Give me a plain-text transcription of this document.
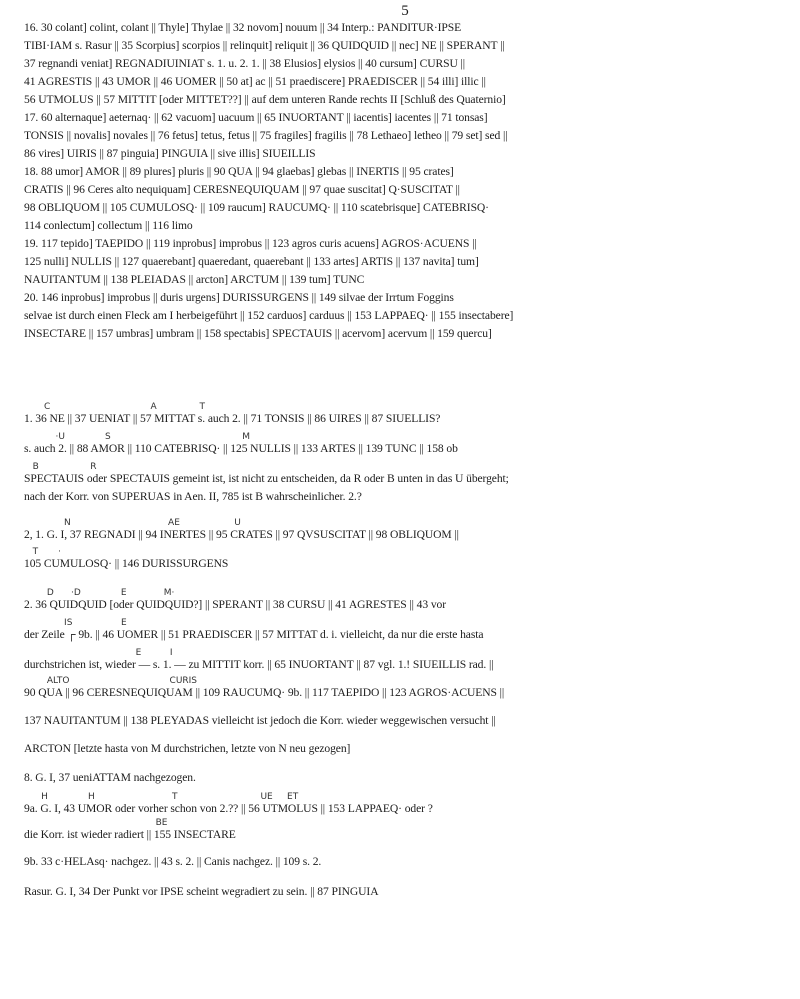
5
16. 30 colant] colint, colant || Thyle] Thylae || 32 novom] nouum || 34 Interp.: PANDITUR·IPSE
TIBI·IAM s. Rasur || 35 Scorpius] scorpios || relinquit] reliquit || 36 QUIDQUID || nec] NE || SPERANT ||
37 regnandi veniat] REGNADIUINIAT s. 1. u. 2. 1. || 38 Elusios] elysios || 40 cursum] CURSU ||
41 AGRESTIS || 43 UMOR || 46 UOMER || 50 at] ac || 51 praediscere] PRAEDISCER || 54 illi] illic ||
56 UTMOLUS || 57 MITTIT [oder MITTET??] || auf dem unteren Rande rechts II [Schluß des Quaternio]
17. 60 alternaque] aeternaq· || 62 vacuom] uacuum || 65 INUORTANT || iacentis] iacentes || 71 tonsas]
TONSIS || novalis] novales || 76 fetus] tetus, fetus || 75 fragiles] fragilis || 78 Lethaeo] letheo || 79 set] sed ||
86 vires] UIRIS || 87 pinguia] PINGUIA || sive illis] SIUEILLIS
18. 88 umor] AMOR || 89 plures] pluris || 90 QUA || 94 glaebas] glebas || INERTIS || 95 crates]
CRATIS || 96 Ceres alto nequiquam] CERESNEQUIQUAM || 97 quae suscitat] Q·SUSCITAT ||
98 OBLIQUOM || 105 CUMULOSQ· || 109 raucum] RAUCUMQ· || 110 scatebrisque] CATEBRISQ·
114 conlectum] collectum || 116 limo
19. 117 tepido] TAEPIDO || 119 inprobus] improbus || 123 agros curis acuens] AGROS·ACUENS ||
125 nulli] NULLIS || 127 quaerebant] quaeredant, quaerebant || 133 artes] ARTIS || 137 navita] tum]
NAUITANTUM || 138 PLEIADAS || arcton] ARCTUM || 139 tum] TUNC
20. 146 inprobus] improbus || duris urgens] DURISSURGENS || 149 silvae der Irrtum Foggins
selvae ist durch einen Fleck am I herbeigeführt || 152 carduos] carduus || 153 LAPPAEQ· || 155 insectabere]
INSECTARE || 157 umbras] umbram || 158 spectabis] SPECTAUIS || acervom] acervum || 159 quercu]
C                                   A               T
1. 36 NE || 37 UENIAT || 57 MITTAT s. auch 2. || 71 TONSIS || 86 UIRES || 87 SIUELLIS?
·U              S                                              M
s. auch 2. || 88 AMOR || 110 CATEBRISQ· || 125 NULLIS || 133 ARTES || 139 TUNC || 158 ob
B                  R
SPECTAUIS oder SPECTAUIS gemeint ist, ist nicht zu entscheiden, da R oder B unten in das U übergeht;
nach der Korr. von SUPERUAS in Aen. II, 785 ist B wahrscheinlicher. 2.?
N                                  AE                   U
2, 1. G. I, 37 REGNADI || 94 INERTES || 95 CRATES || 97 QVSUSCITAT || 98 OBLIQUOM ||
T       ·
105 CUMULOSQ· || 146 DURISSURGENS
D      ·D              E             M·
2. 36 QUIDQUID [oder QUIDQUID?] || SPERANT || 38 CURSU || 41 AGRESTES || 43 vor
IS                 E
der Zeile ┌ 9b. || 46 UOMER || 51 PRAEDISCER || 57 MITTAT d. i. vielleicht, da nur die erste hasta
E          I
durchstrichen ist, wieder — s. 1. — zu MITTIT korr. || 65 INUORTANT || 87 vgl. 1.! SIUEILLIS rad. ||
ALTO                                   CURIS
90 QUA || 96 CERESNEQUIQUAM || 109 RAUCUMQ· 9b. || 117 TAEPIDO || 123 AGROS·ACUENS ||
137 NAUITANTUM || 138 PLEYADAS vielleicht ist jedoch die Korr. wieder weggewischen versucht ||
ARCTON [letzte hasta von M durchstrichen, letzte von N neu gezogen]
8. G. I, 37 ueniATTAM nachgezogen.
H              H                           T                             UE     ET
9a. G. I, 43 UMOR oder vorher schon von 2.?? || 56 UTMOLUS || 153 LAPPAEQ· oder ?
BE
die Korr. ist wieder radiert || 155 INSECTARE
9b. 33 c·HELAsq· nachgez. || 43 s. 2. || Canis nachgez. || 109 s. 2.
Rasur. G. I, 34 Der Punkt vor IPSE scheint wegradiert zu sein. || 87 PINGUIA
